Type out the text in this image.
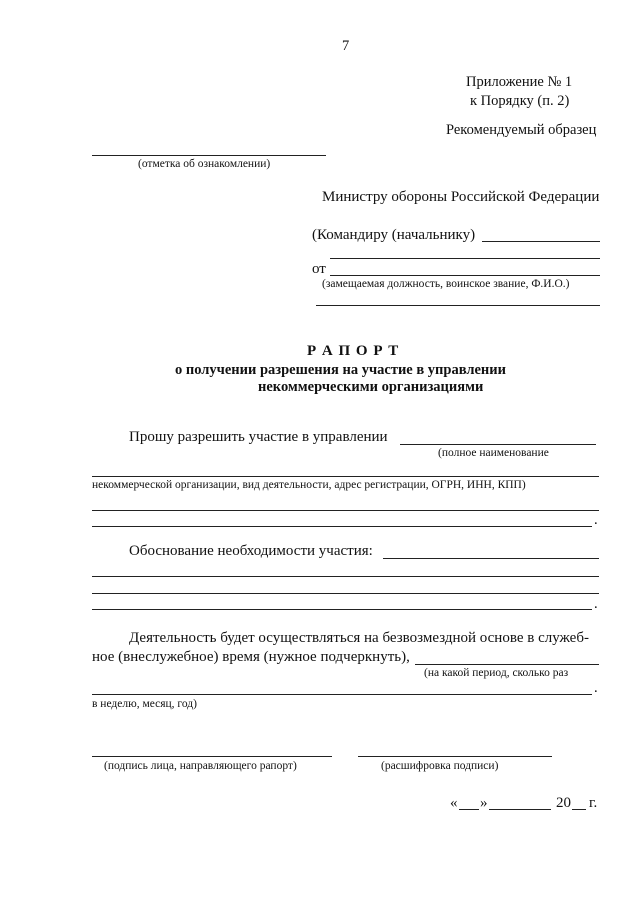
7
Приложение № 1
к Порядку (п. 2)
Рекомендуемый образец
(отметка об ознакомлении)
Министру обороны Российской Федерации
(Командиру (начальнику)
от
(замещаемая должность, воинское звание, Ф.И.О.)
Р А П О Р Т
о получении разрешения на участие в управлении
некоммерческими организациями
Прошу разрешить участие в управлении
(полное наименование
некоммерческой организации, вид деятельности, адрес регистрации, ОГРН, ИНН, КПП)
.
Обоснование необходимости участия:
.
Деятельность будет осуществляться на безвозмездной основе в служеб-
ное (внеслужебное) время (нужное подчеркнуть),
(на какой период, сколько раз
.
в неделю, месяц, год)
(подпись лица, направляющего рапорт)	(расшифровка подписи)
« »	20 г.
